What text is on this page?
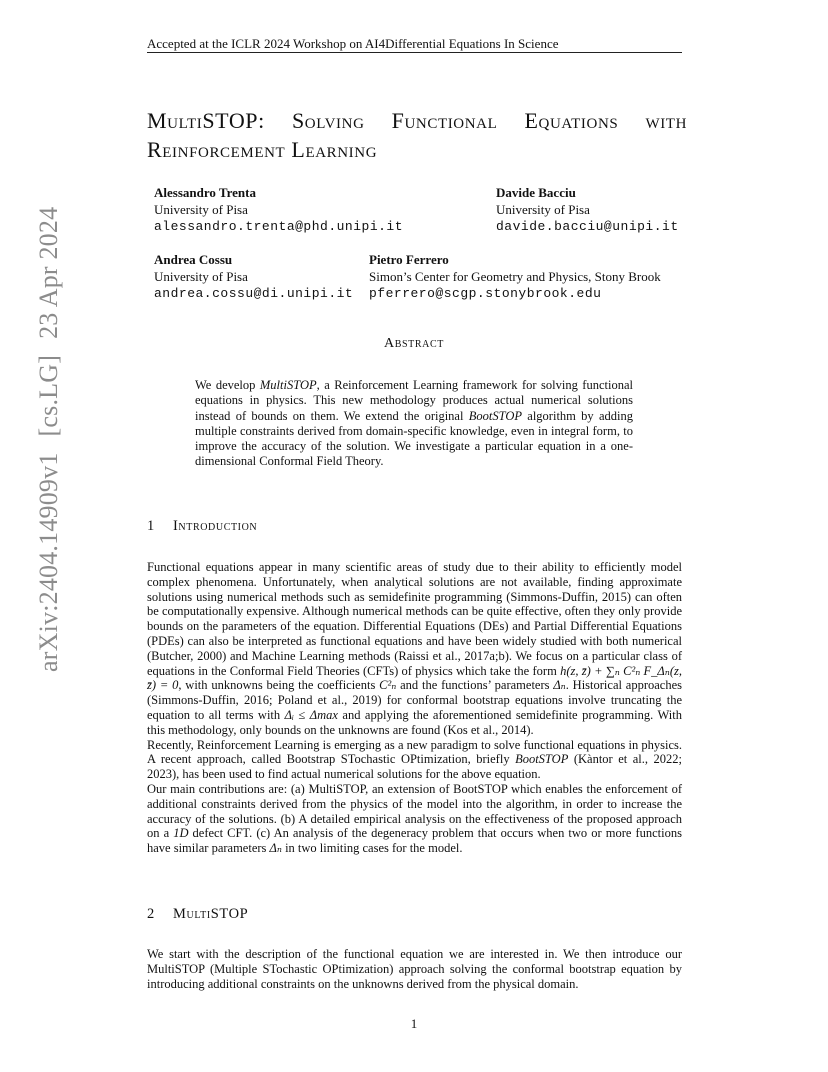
Accepted at the ICLR 2024 Workshop on AI4Differential Equations In Science
arXiv:2404.14909v1[cs.LG]23 Apr 2024
MultiSTOP: Solving Functional Equations with Reinforcement Learning
Alessandro Trenta
University of Pisa
alessandro.trenta@phd.unipi.it
Davide Bacciu
University of Pisa
davide.bacciu@unipi.it
Andrea Cossu
University of Pisa
andrea.cossu@di.unipi.it
Pietro Ferrero
Simon’s Center for Geometry and Physics, Stony Brook
pferrero@scgp.stonybrook.edu
Abstract
We develop MultiSTOP, a Reinforcement Learning framework for solving functional equations in physics. This new methodology produces actual numerical solutions instead of bounds on them. We extend the original BootSTOP algorithm by adding multiple constraints derived from domain-specific knowledge, even in integral form, to improve the accuracy of the solution. We investigate a particular equation in a one-dimensional Conformal Field Theory.
1 Introduction

Functional equations appear in many scientific areas of study due to their ability to efficiently model complex phenomena. Unfortunately, when analytical solutions are not available, finding approximate solutions using numerical methods such as semidefinite programming (Simmons-Duffin, 2015) can often be computationally expensive. Although numerical methods can be quite effective, often they only provide bounds on the parameters of the equation. Differential Equations (DEs) and Partial Differential Equations (PDEs) can also be interpreted as functional equations and have been widely studied with both numerical (Butcher, 2000) and Machine Learning methods (Raissi et al., 2017a;b). We focus on a particular class of equations in the Conformal Field Theories (CFTs) of physics which take the form h(z, z̄) + ∑ₙ C²ₙ F_Δₙ(z, z̄) = 0, with unknowns being the coefficients C²ₙ and the functions’ parameters Δₙ. Historical approaches (Simmons-Duffin, 2016; Poland et al., 2019) for conformal bootstrap equations involve truncating the equation to all terms with Δᵢ ≤ Δmax and applying the aforementioned semidefinite programming. With this methodology, only bounds on the unknowns are found (Kos et al., 2014).

Recently, Reinforcement Learning is emerging as a new paradigm to solve functional equations in physics. A recent approach, called Bootstrap STochastic OPtimization, briefly BootSTOP (Kàntor et al., 2022; 2023), has been used to find actual numerical solutions for the above equation.

Our main contributions are: (a) MultiSTOP, an extension of BootSTOP which enables the enforcement of additional constraints derived from the physics of the model into the algorithm, in order to increase the accuracy of the solutions. (b) A detailed empirical analysis on the effectiveness of the proposed approach on a 1D defect CFT. (c) An analysis of the degeneracy problem that occurs when two or more functions have similar parameters Δₙ in two limiting cases for the model.

2 MultiSTOP

We start with the description of the functional equation we are interested in. We then introduce our MultiSTOP (Multiple STochastic OPtimization) approach solving the conformal bootstrap equation by introducing additional constraints on the unknowns derived from the physical domain.

1
